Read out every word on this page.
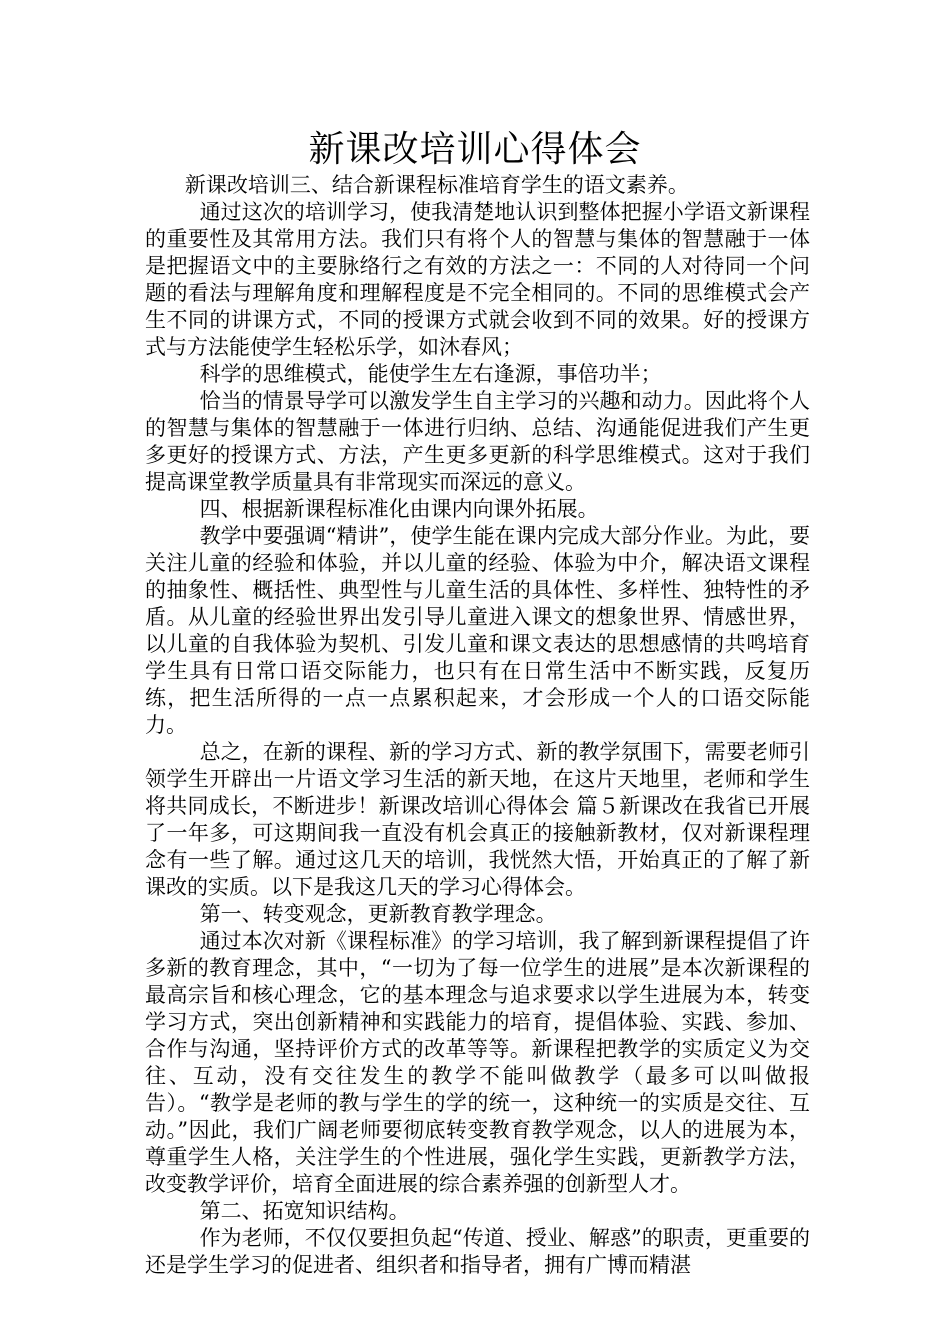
新课改培训心得体会

新课改培训三、结合新课程标准培育学生的语文素养。

通过这次的培训学习，使我清楚地认识到整体把握小学语文新课程的重要性及其常用方法。我们只有将个人的智慧与集体的智慧融于一体是把握语文中的主要脉络行之有效的方法之一：不同的人对待同一个问题的看法与理解角度和理解程度是不完全相同的。不同的思维模式会产生不同的讲课方式，不同的授课方式就会收到不同的效果。好的授课方式与方法能使学生轻松乐学，如沐春风；

科学的思维模式，能使学生左右逢源，事倍功半；

恰当的情景导学可以激发学生自主学习的兴趣和动力。因此将个人的智慧与集体的智慧融于一体进行归纳、总结、沟通能促进我们产生更多更好的授课方式、方法，产生更多更新的科学思维模式。这对于我们提高课堂教学质量具有非常现实而深远的意义。

四、根据新课程标准化由课内向课外拓展。

教学中要强调“精讲”，使学生能在课内完成大部分作业。为此，要关注儿童的经验和体验，并以儿童的经验、体验为中介，解决语文课程的抽象性、概括性、典型性与儿童生活的具体性、多样性、独特性的矛盾。从儿童的经验世界出发引导儿童进入课文的想象世界、情感世界，以儿童的自我体验为契机、引发儿童和课文表达的思想感情的共鸣培育学生具有日常口语交际能力，也只有在日常生活中不断实践，反复历练，把生活所得的一点一点累积起来，才会形成一个人的口语交际能力。

总之，在新的课程、新的学习方式、新的教学氛围下，需要老师引领学生开辟出一片语文学习生活的新天地，在这片天地里，老师和学生将共同成长，不断进步！新课改培训心得体会 篇５新课改在我省已开展了一年多，可这期间我一直没有机会真正的接触新教材，仅对新课程理念有一些了解。通过这几天的培训，我恍然大悟，开始真正的了解了新课改的实质。以下是我这几天的学习心得体会。

第一、转变观念，更新教育教学理念。

通过本次对新《课程标准》的学习培训，我了解到新课程提倡了许多新的教育理念，其中，“一切为了每一位学生的进展”是本次新课程的最高宗旨和核心理念，它的基本理念与追求要求以学生进展为本，转变学习方式，突出创新精神和实践能力的培育，提倡体验、实践、参加、合作与沟通，坚持评价方式的改革等等。新课程把教学的实质定义为交往、互动，没有交往发生的教学不能叫做教学（最多可以叫做报告）。“教学是老师的教与学生的学的统一，这种统一的实质是交往、互动。”因此，我们广阔老师要彻底转变教育教学观念，以人的进展为本，尊重学生人格，关注学生的个性进展，强化学生实践，更新教学方法，改变教学评价，培育全面进展的综合素养强的创新型人才。

第二、拓宽知识结构。

作为老师，不仅仅要担负起“传道、授业、解惑”的职责，更重要的还是学生学习的促进者、组织者和指导者，拥有广博而精湛
